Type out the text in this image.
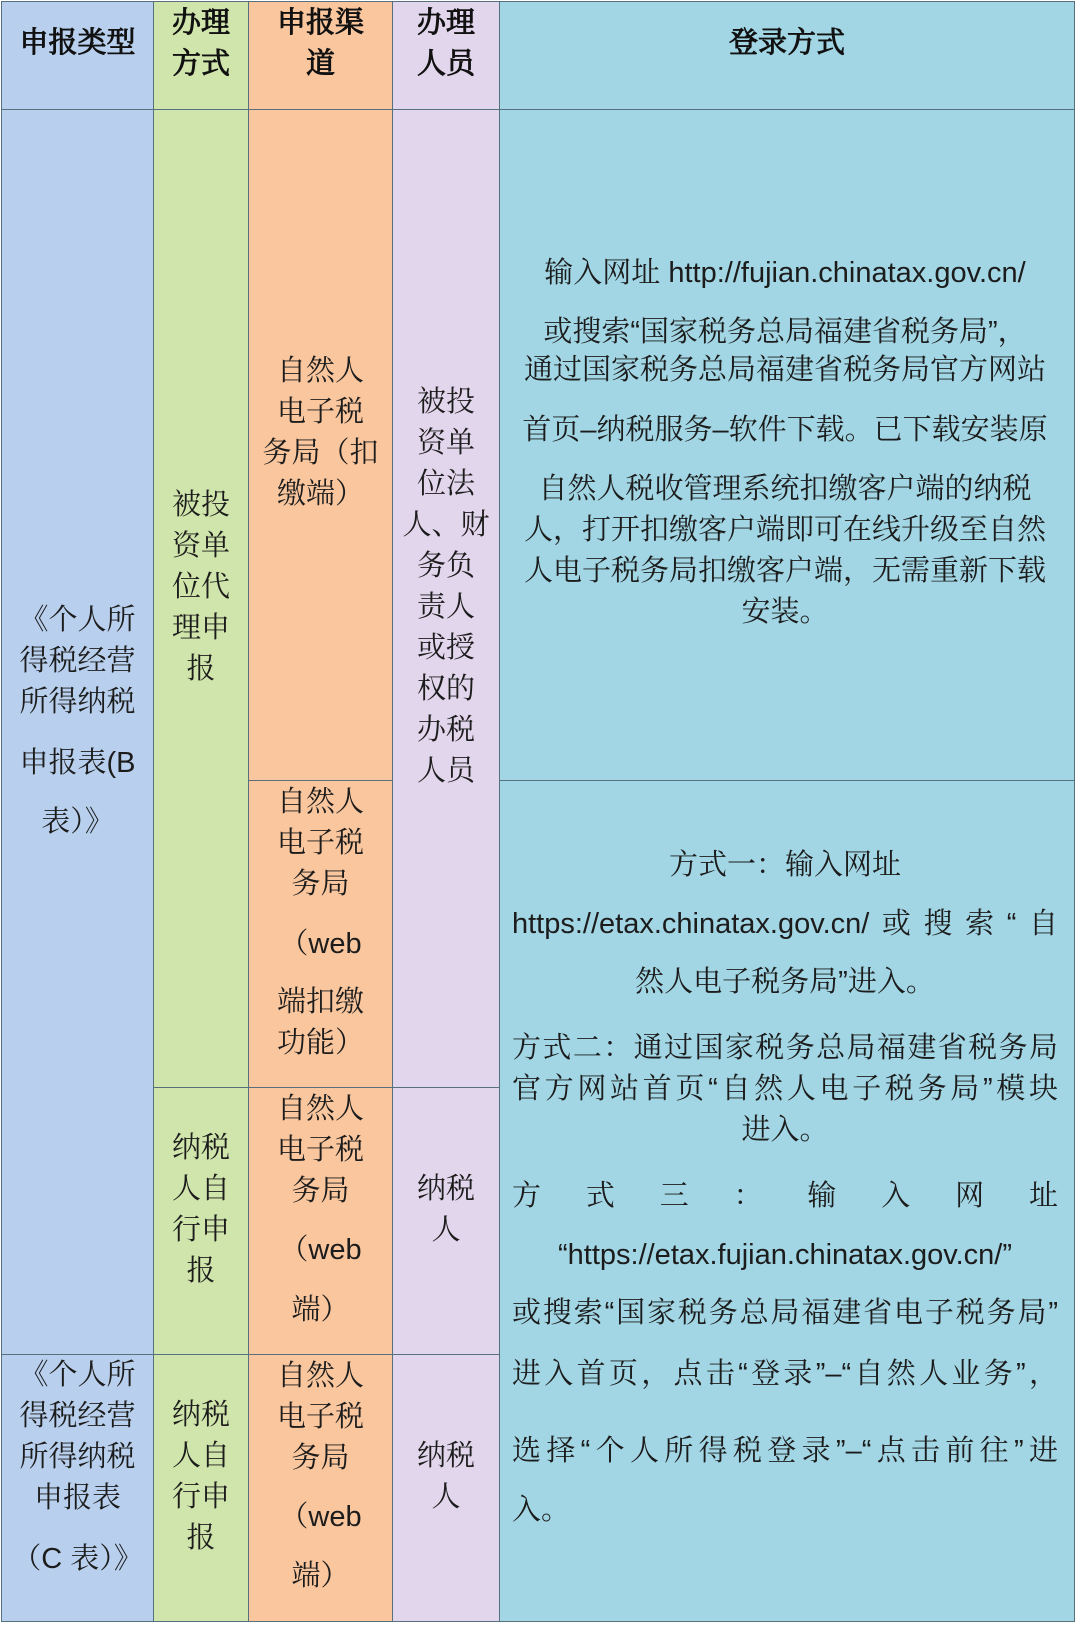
申报类型
办理
方式
申报渠
道
办理
人员
登录方式
《个人所
得税经营
所得纳税
申报表(B
表）》
《个人所
得税经营
所得纳税
申报表
（C 表）》
被投
资单
位代
理申
报
纳税
人自
行申
报
纳税
人自
行申
报
自然人
电子税
务局（扣
缴端）
自然人
电子税
务局
（web
端扣缴
功能）
自然人
电子税
务局
（web
端）
自然人
电子税
务局
（web
端）
被投
资单
位法
人、财
务负
责人
或授
权的
办税
人员
纳税
人
纳税
人
输入网址 http://fujian.chinatax.gov.cn/
或搜索“国家税务总局福建省税务局”，
通过国家税务总局福建省税务局官方网站
首页–纳税服务–软件下载。已下载安装原
自然人税收管理系统扣缴客户端的纳税
人，打开扣缴客户端即可在线升级至自然
人电子税务局扣缴客户端，无需重新下载
安装。
方式一：输入网址
https://etax.chinatax.gov.cn/或搜索“自
然人电子税务局”进入。
方式二：通过国家税务总局福建省税务局
官方网站首页“自然人电子税务局”模块
进入。
方式三：输入网址
“https://etax.fujian.chinatax.gov.cn/”
或搜索“国家税务总局福建省电子税务局”
进入首页，点击“登录”–“自然人业务”，
选择“个人所得税登录”–“点击前往”进
入。
